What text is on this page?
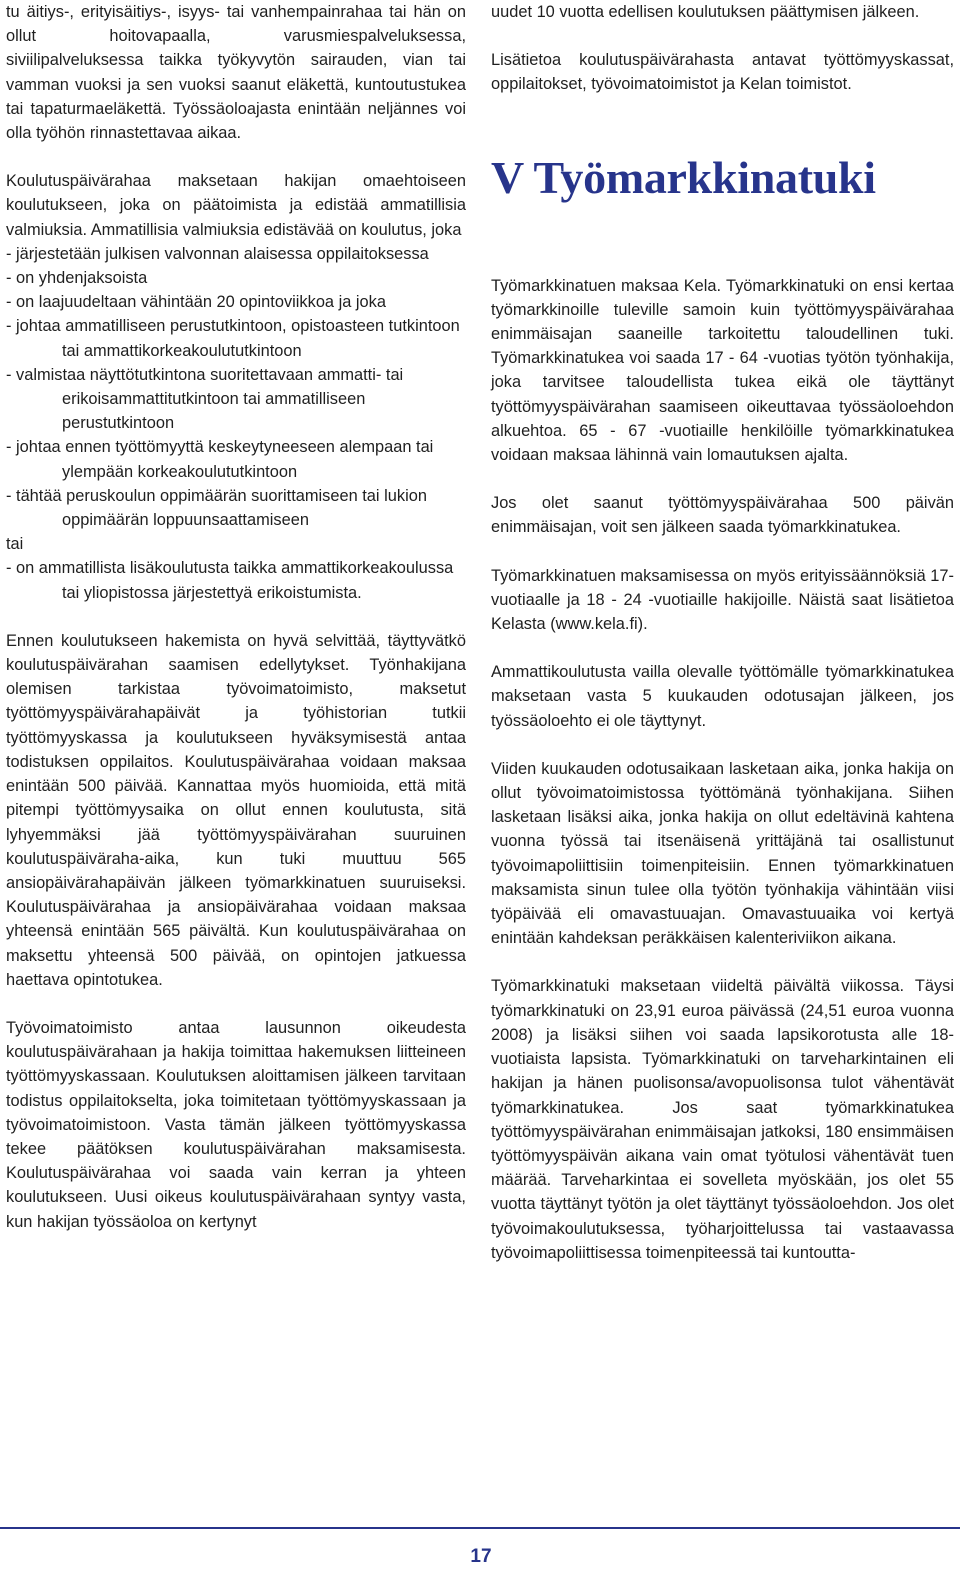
tu äitiys-, erityisäitiys-, isyys- tai vanhempainrahaa tai hän on ollut hoitovapaalla, varusmiespalveluksessa, siviilipalveluksessa taikka työkyvytön sairauden, vian tai vamman vuoksi ja sen vuoksi saanut eläkettä, kuntoutustukea tai tapaturmaeläkettä. Työssäoloajasta enintään neljännes voi olla työhön rinnastettavaa aikaa.

Koulutuspäivärahaa maksetaan hakijan omaehtoiseen koulutukseen, joka on päätoimista ja edistää ammatillisia valmiuksia. Ammatillisia valmiuksia edistävää on koulutus, joka

- järjestetään julkisen valvonnan alaisessa oppilaitoksessa
- on yhdenjaksoista
- on laajuudeltaan vähintään 20 opintoviikkoa ja joka
- johtaa ammatilliseen perustutkintoon, opistoasteen tutkintoon tai ammattikorkeakoulututkintoon
- valmistaa näyttötutkintona suoritettavaan ammatti- tai erikoisammattitutkintoon tai ammatilliseen perustutkintoon
- johtaa ennen työttömyyttä keskeytyneeseen alempaan tai ylempään korkeakoulututkintoon
- tähtää peruskoulun oppimäärän suorittamiseen tai lukion oppimäärän loppuunsaattamiseen
tai
- on ammatillista lisäkoulutusta taikka ammattikorkeakoulussa tai yliopistossa järjestettyä erikoistumista.

Ennen koulutukseen hakemista on hyvä selvittää, täyttyvätkö koulutuspäivärahan saamisen edellytykset. Työnhakijana olemisen tarkistaa työvoimatoimisto, maksetut työttömyyspäivärahapäivät ja työhistorian tutkii työttömyyskassa ja koulutukseen hyväksymisestä antaa todistuksen oppilaitos. Koulutuspäivärahaa voidaan maksaa enintään 500 päivää. Kannattaa myös huomioida, että mitä pitempi työttömyysaika on ollut ennen koulutusta, sitä lyhyemmäksi jää työttömyyspäivärahan suuruinen koulutuspäiväraha-aika, kun tuki muuttuu 565 ansiopäivärahapäivän jälkeen työmarkkinatuen suuruiseksi. Koulutuspäivärahaa ja ansiopäivärahaa voidaan maksaa yhteensä enintään 565 päivältä. Kun koulutuspäivärahaa on maksettu yhteensä 500 päivää, on opintojen jatkuessa haettava opintotukea.

Työvoimatoimisto antaa lausunnon oikeudesta koulutuspäivärahaan ja hakija toimittaa hakemuksen liitteineen työttömyyskassaan. Koulutuksen aloittamisen jälkeen tarvitaan todistus oppilaitokselta, joka toimitetaan työttömyyskassaan ja työvoimatoimistoon. Vasta tämän jälkeen työttömyyskassa tekee päätöksen koulutuspäivärahan maksamisesta. Koulutuspäivärahaa voi saada vain kerran ja yhteen koulutukseen. Uusi oikeus koulutuspäivärahaan syntyy vasta, kun hakijan työssäoloa on kertynyt

uudet 10 vuotta edellisen koulutuksen päättymisen jälkeen.

Lisätietoa koulutuspäivärahasta antavat työttömyyskassat, oppilaitokset, työvoimatoimistot ja Kelan toimistot.

V Työmarkkinatuki

Työmarkkinatuen maksaa Kela. Työmarkkinatuki on ensi kertaa työmarkkinoille tuleville samoin kuin työttömyyspäivärahaa enimmäisajan saaneille tarkoitettu taloudellinen tuki. Työmarkkinatukea voi saada 17 - 64 -vuotias työtön työnhakija, joka tarvitsee taloudellista tukea eikä ole täyttänyt työttömyyspäivärahan saamiseen oikeuttavaa työssäoloehdon alkuehtoa. 65 - 67 -vuotiaille henkilöille työmarkkinatukea voidaan maksaa lähinnä vain lomautuksen ajalta.

Jos olet saanut työttömyyspäivärahaa 500 päivän enimmäisajan, voit sen jälkeen saada työmarkkinatukea.

Työmarkkinatuen maksamisessa on myös erityissäännöksiä 17-vuotiaalle ja 18 - 24 -vuotiaille hakijoille. Näistä saat lisätietoa Kelasta (www.kela.fi).

Ammattikoulutusta vailla olevalle työttömälle työmarkkinatukea maksetaan vasta 5 kuukauden odotusajan jälkeen, jos työssäoloehto ei ole täyttynyt.

Viiden kuukauden odotusaikaan lasketaan aika, jonka hakija on ollut työvoimatoimistossa työttömänä työnhakijana. Siihen lasketaan lisäksi aika, jonka hakija on ollut edeltävinä kahtena vuonna työssä tai itsenäisenä yrittäjänä tai osallistunut työvoimapoliittisiin toimenpiteisiin. Ennen työmarkkinatuen maksamista sinun tulee olla työtön työnhakija vähintään viisi työpäivää eli omavastuuajan. Omavastuuaika voi kertyä enintään kahdeksan peräkkäisen kalenteriviikon aikana.

Työmarkkinatuki maksetaan viideltä päivältä viikossa. Täysi työmarkkinatuki on 23,91 euroa päivässä (24,51 euroa vuonna 2008) ja lisäksi siihen voi saada lapsikorotusta alle 18-vuotiaista lapsista. Työmarkkinatuki on tarveharkintainen eli hakijan ja hänen puolisonsa/avopuolisonsa tulot vähentävät työmarkkinatukea. Jos saat työmarkkinatukea työttömyyspäivärahan enimmäisajan jatkoksi, 180 ensimmäisen työttömyyspäivän aikana vain omat työtulosi vähentävät tuen määrää. Tarveharkintaa ei sovelleta myöskään, jos olet 55 vuotta täyttänyt työtön ja olet täyttänyt työssäoloehdon. Jos olet työvoimakoulutuksessa, työharjoittelussa tai vastaavassa työvoimapoliittisessa toimenpiteessä tai kuntoutta-

17
